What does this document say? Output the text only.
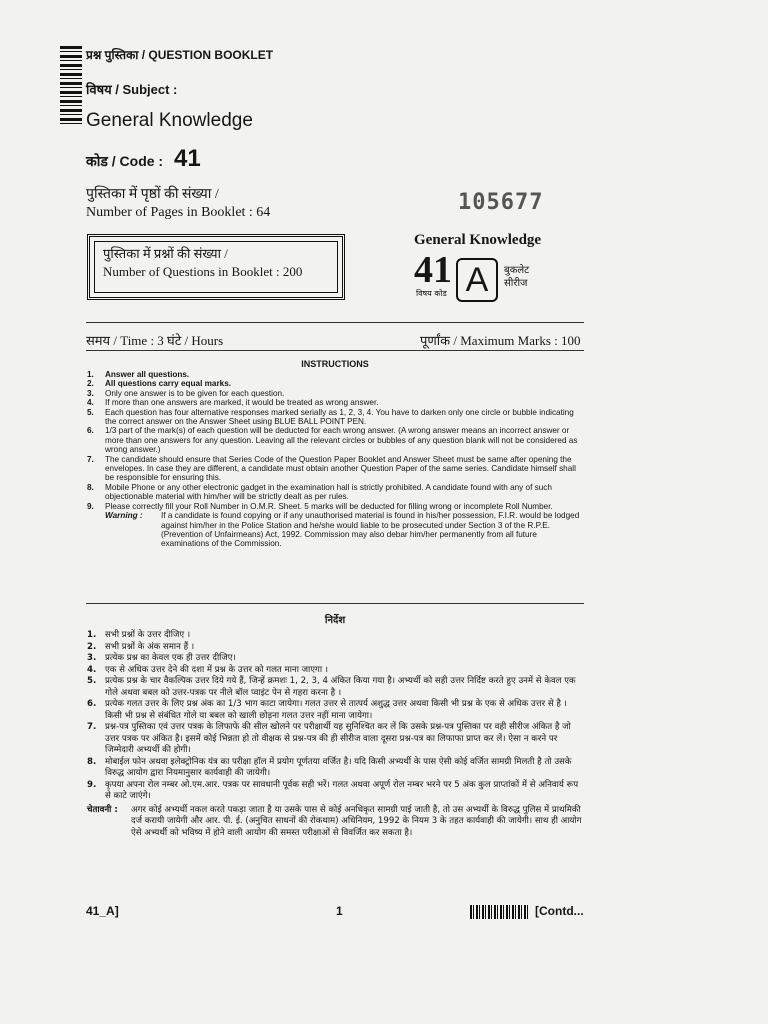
प्रश्न पुस्तिका / QUESTION BOOKLET
विषय / Subject :
General Knowledge
कोड / Code : 41
पुस्तिका में पृष्ठों की संख्या /
Number of Pages in Booklet : 64	105677
पुस्तिका में प्रश्नों की संख्या /
Number of Questions in Booklet : 200
General Knowledge
41
विषय कोड A	बुकलेट
सीरीज
समय / Time : 3 घंटे / Hours	पूर्णांक / Maximum Marks : 100
INSTRUCTIONS
1.	Answer all questions.
2.	All questions carry equal marks.
3.	Only one answer is to be given for each question.
4.	If more than one answers are marked, it would be treated as wrong answer.
5.	Each question has four alternative responses marked serially as 1, 2, 3, 4. You have to darken only one circle or bubble indicating the correct answer on the Answer Sheet using BLUE BALL POINT PEN.
6.	1/3 part of the mark(s) of each question will be deducted for each wrong answer. (A wrong answer means an incorrect answer or more than one answers for any question. Leaving all the relevant circles or bubbles of any question blank will not be considered as wrong answer.)
7.	The candidate should ensure that Series Code of the Question Paper Booklet and Answer Sheet must be same after opening the envelopes. In case they are different, a candidate must obtain another Question Paper of the same series. Candidate himself shall be responsible for ensuring this.
8.	Mobile Phone or any other electronic gadget in the examination hall is strictly prohibited. A candidate found with any of such objectionable material with him/her will be strictly dealt as per rules.
9.	Please correctly fill your Roll Number in O.M.R. Sheet. 5 marks will be deducted for filling wrong or incomplete Roll Number.
Warning :	If a candidate is found copying or if any unauthorised material is found in his/her possession, F.I.R. would be lodged against him/her in the Police Station and he/she would liable to be prosecuted under Section 3 of the R.P.E. (Prevention of Unfairmeans) Act, 1992. Commission may also debar him/her permanently from all future examinations of the Commission.
निर्देश
1.	सभी प्रश्नों के उत्तर दीजिए ।
2.	सभी प्रश्नों के अंक समान हैं ।
3.	प्रत्येक प्रश्न का केवल एक ही उत्तर दीजिए।
4.	एक से अधिक उत्तर देने की दशा में प्रश्न के उत्तर को गलत माना जाएगा ।
5.	प्रत्येक प्रश्न के चार वैकल्पिक उत्तर दिये गये हैं, जिन्हें क्रमशः 1, 2, 3, 4 अंकित किया गया है। अभ्यर्थी को सही उत्तर निर्दिष्ट करते हुए उनमें से केवल एक गोले अथवा बबल को उत्तर-पत्रक पर नीले बॉल प्वाइंट पेन से गहरा करना है ।
6.	प्रत्येक गलत उत्तर के लिए प्रश्न अंक का 1/3 भाग काटा जायेगा। गलत उत्तर से तात्पर्य अशुद्ध उत्तर अथवा किसी भी प्रश्न के एक से अधिक उत्तर से है । किसी भी प्रश्न से संबंधित गोले या बबल को खाली छोड़ना गलत उत्तर नहीं माना जायेगा।
7.	प्रश्न-पत्र पुस्तिका एवं उत्तर पत्रक के लिफाफे की सील खोलने पर परीक्षार्थी यह सुनिश्चित कर लें कि उसके प्रश्न-पत्र पुस्तिका पर वही सीरीज अंकित है जो उत्तर पत्रक पर अंकित है। इसमें कोई भिन्नता हो तो वीक्षक से प्रश्न-पत्र की ही सीरीज वाला दूसरा प्रश्न-पत्र का लिफाफा प्राप्त कर लें। ऐसा न करने पर जिम्मेदारी अभ्यर्थी की होगी।
8.	मोबाईल फोन अथवा इलेक्ट्रोनिक यंत्र का परीक्षा हॉल में प्रयोग पूर्णतया वर्जित है। यदि किसी अभ्यर्थी के पास ऐसी कोई वर्जित सामग्री मिलती है तो उसके विरुद्ध आयोग द्वारा नियमानुसार कार्यवाही की जायेगी।
9.	कृपया अपना रोल नम्बर ओ.एम.आर. पत्रक पर सावधानी पूर्वक सही भरें। गलत अथवा अपूर्ण रोल नम्बर भरने पर 5 अंक कुल प्राप्तांकों में से अनिवार्य रूप से काटे जाएंगे।
चेतावनी :	अगर कोई अभ्यर्थी नकल करते पकड़ा जाता है या उसके पास से कोई अनधिकृत सामग्री पाई जाती है, तो उस अभ्यर्थी के विरुद्ध पुलिस में प्राथमिकी दर्ज करायी जायेगी और आर. पी. ई. (अनुचित साधनों की रोकथाम) अधिनियम, 1992 के नियम 3 के तहत कार्यवाही की जायेगी। साथ ही आयोग ऐसे अभ्यर्थी को भविष्य में होने वाली आयोग की समस्त परीक्षाओं से विवर्जित कर सकता है।
41_A]	1	[Contd...
